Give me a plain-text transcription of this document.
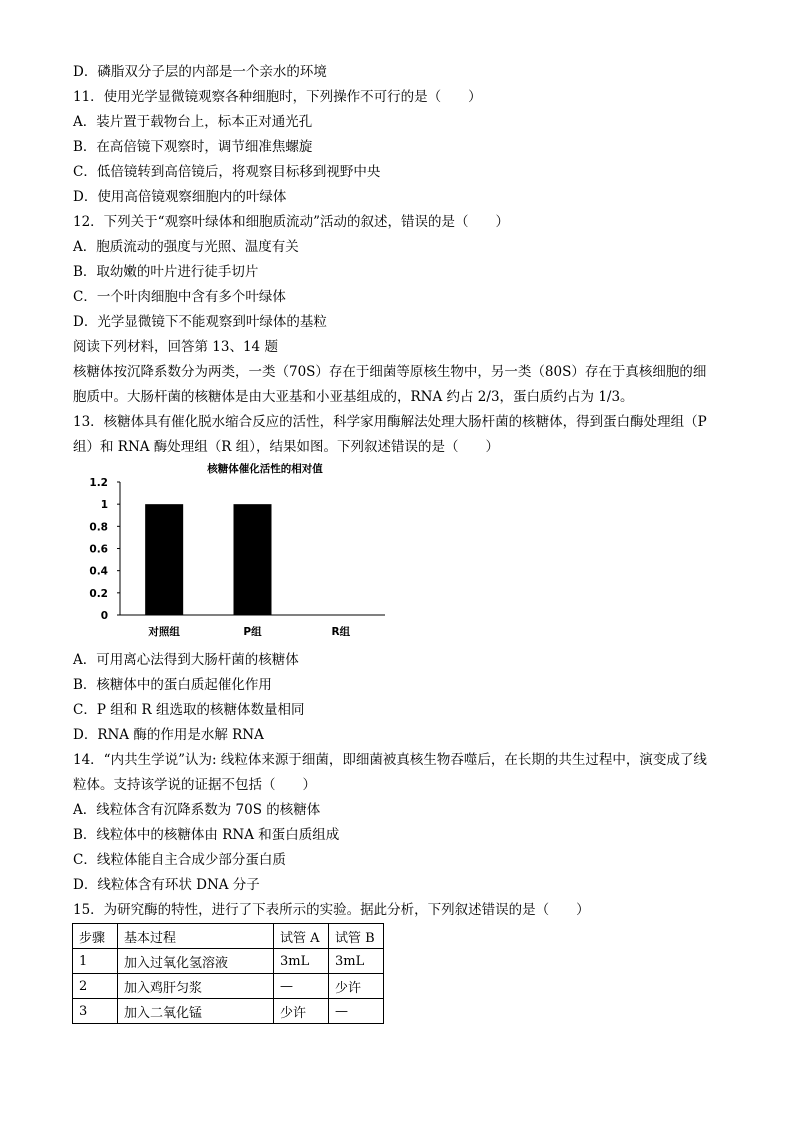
D．磷脂双分子层的内部是一个亲水的环境
11．使用光学显微镜观察各种细胞时，下列操作不可行的是（　　）
A．装片置于载物台上，标本正对通光孔
B．在高倍镜下观察时，调节细准焦螺旋
C．低倍镜转到高倍镜后，将观察目标移到视野中央
D．使用高倍镜观察细胞内的叶绿体
12．下列关于“观察叶绿体和细胞质流动”活动的叙述，错误的是（　　）
A．胞质流动的强度与光照、温度有关
B．取幼嫩的叶片进行徒手切片
C．一个叶肉细胞中含有多个叶绿体
D．光学显微镜下不能观察到叶绿体的基粒
阅读下列材料，回答第 13、14 题
核糖体按沉降系数分为两类，一类（70S）存在于细菌等原核生物中，另一类（80S）存在于真核细胞的细
胞质中。大肠杆菌的核糖体是由大亚基和小亚基组成的，RNA 约占 2/3，蛋白质约占为 1/3。
13．核糖体具有催化脱水缩合反应的活性，科学家用酶解法处理大肠杆菌的核糖体，得到蛋白酶处理组（P
组）和 RNA 酶处理组（R 组），结果如图。下列叙述错误的是（　　）
核糖体催化活性的相对值
0
0.2
0.4
0.6
0.8
1
1.2
对照组	P组	R组
A．可用离心法得到大肠杆菌的核糖体
B．核糖体中的蛋白质起催化作用
C．P 组和 R 组选取的核糖体数量相同
D．RNA 酶的作用是水解 RNA
14．“内共生学说”认为: 线粒体来源于细菌，即细菌被真核生物吞噬后，在长期的共生过程中，演变成了线
粒体。支持该学说的证据不包括（　　）
A．线粒体含有沉降系数为 70S 的核糖体
B．线粒体中的核糖体由 RNA 和蛋白质组成
C．线粒体能自主合成少部分蛋白质
D．线粒体含有环状 DNA 分子
15．为研究酶的特性，进行了下表所示的实验。据此分析，下列叙述错误的是（　　）
步骤	基本过程	试管 A	试管 B
1	加入过氧化氢溶液	3mL	3mL
2	加入鸡肝匀浆	—	少许
3	加入二氧化锰	少许	—
